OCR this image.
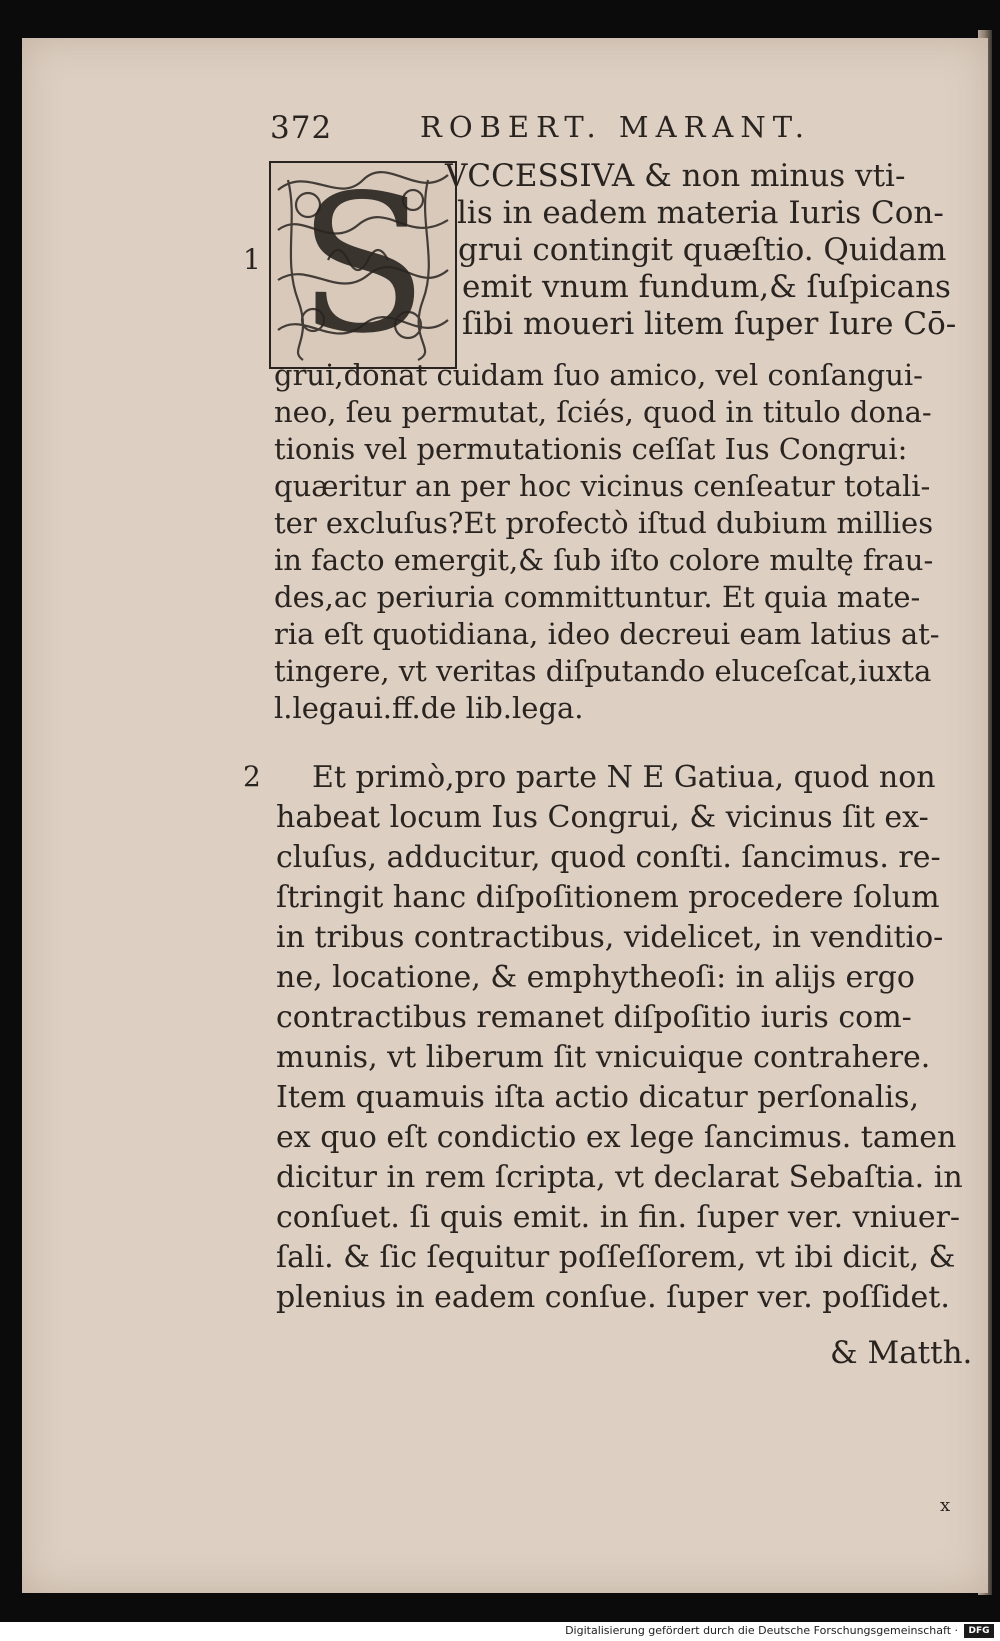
372	ROBERT. MARANT.
S
1
2
VCCESSIVA & non minus vti-
lis in eadem materia Iuris Con-
grui contingit quæſtio. Quidam
emit vnum fundum,& ſuſpicans
ſibi moueri litem ſuper Iure Cō-
grui,donat cuidam ſuo amico, vel conſangui-
neo, ſeu permutat, ſciés, quod in titulo dona-
tionis vel permutationis ceſſat Ius Congrui:
quæritur an per hoc vicinus cenſeatur totali-
ter excluſus?Et profectò iſtud dubium millies
in facto emergit,& ſub iſto colore multę frau-
des,ac periuria committuntur. Et quia mate-
ria eſt quotidiana, ideo decreui eam latius at-
tingere, vt veritas diſputando eluceſcat,iuxta
l.legaui.ff.de lib.lega.
Et primò,pro parte N E Gatiua, quod non
habeat locum Ius Congrui, & vicinus ſit ex-
cluſus, adducitur, quod conſti. ſancimus. re-
ſtringit hanc diſpoſitionem procedere ſolum
in tribus contractibus, videlicet, in venditio-
ne, locatione, & emphytheoſi: in alijs ergo
contractibus remanet diſpoſitio iuris com-
munis, vt liberum ſit vnicuique contrahere.
Item quamuis iſta actio dicatur perſonalis,
ex quo eſt condictio ex lege ſancimus. tamen
dicitur in rem ſcripta, vt declarat Sebaſtia. in
conſuet. ſi quis emit. in fin. ſuper ver. vniuer-
ſali. & ſic ſequitur poſſeſſorem, vt ibi dicit, &
plenius in eadem conſue. ſuper ver. poſſidet.
& Matth.
x
Digitalisierung gefördert durch die Deutsche Forschungsgemeinschaft ·	DFG
